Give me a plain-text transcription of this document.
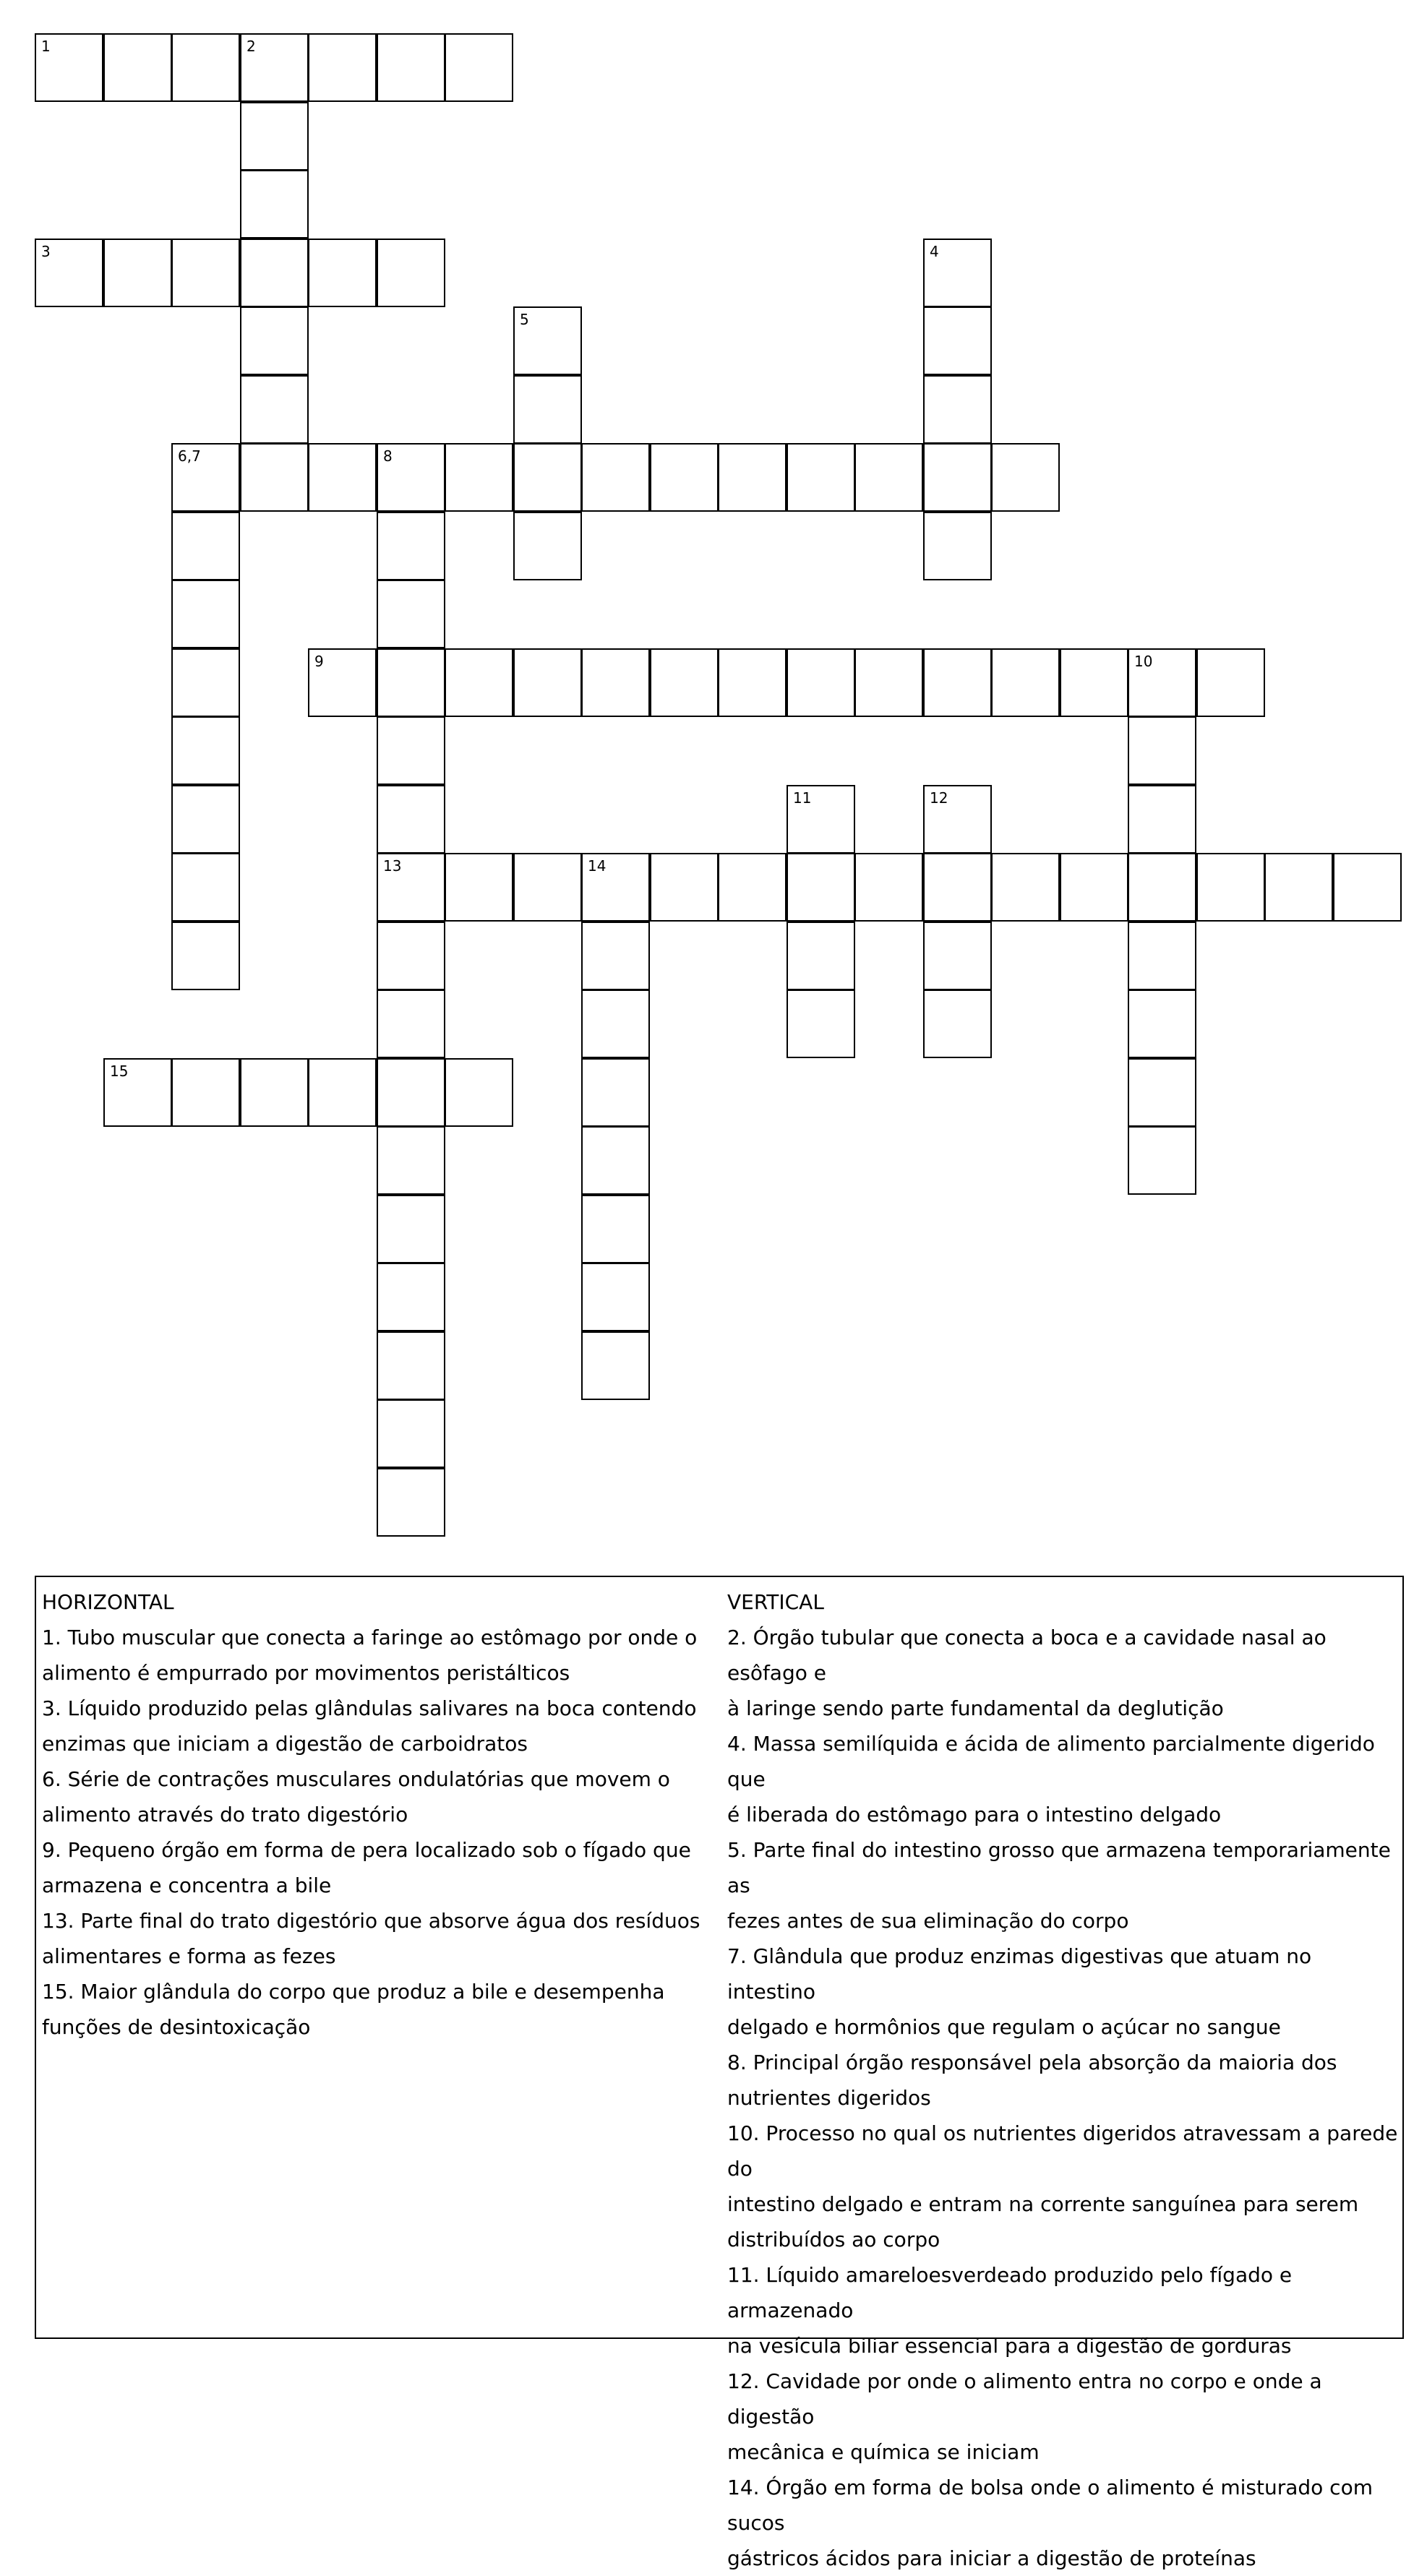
1	2
3	4
5
6,7	8
9	10
11	12
13	14
15

HORIZONTAL

1. Tubo muscular que conecta a faringe ao estômago por onde o

alimento é empurrado por movimentos peristálticos

3. Líquido produzido pelas glândulas salivares na boca contendo

enzimas que iniciam a digestão de carboidratos

6. Série de contrações musculares ondulatórias que movem o

alimento através do trato digestório

9. Pequeno órgão em forma de pera localizado sob o fígado que

armazena e concentra a bile

13. Parte final do trato digestório que absorve água dos resíduos

alimentares e forma as fezes

15. Maior glândula do corpo que produz a bile e desempenha

funções de desintoxicação

VERTICAL

2. Órgão tubular que conecta a boca e a cavidade nasal ao esôfago e

à laringe sendo parte fundamental da deglutição

4. Massa semilíquida e ácida de alimento parcialmente digerido que

é liberada do estômago para o intestino delgado

5. Parte final do intestino grosso que armazena temporariamente as

fezes antes de sua eliminação do corpo

7. Glândula que produz enzimas digestivas que atuam no intestino

delgado e hormônios que regulam o açúcar no sangue

8. Principal órgão responsável pela absorção da maioria dos

nutrientes digeridos

10. Processo no qual os nutrientes digeridos atravessam a parede do

intestino delgado e entram na corrente sanguínea para serem

distribuídos ao corpo

11. Líquido amareloesverdeado produzido pelo fígado e armazenado

na vesícula biliar essencial para a digestão de gorduras

12. Cavidade por onde o alimento entra no corpo e onde a digestão

mecânica e química se iniciam

14. Órgão em forma de bolsa onde o alimento é misturado com sucos

gástricos ácidos para iniciar a digestão de proteínas
